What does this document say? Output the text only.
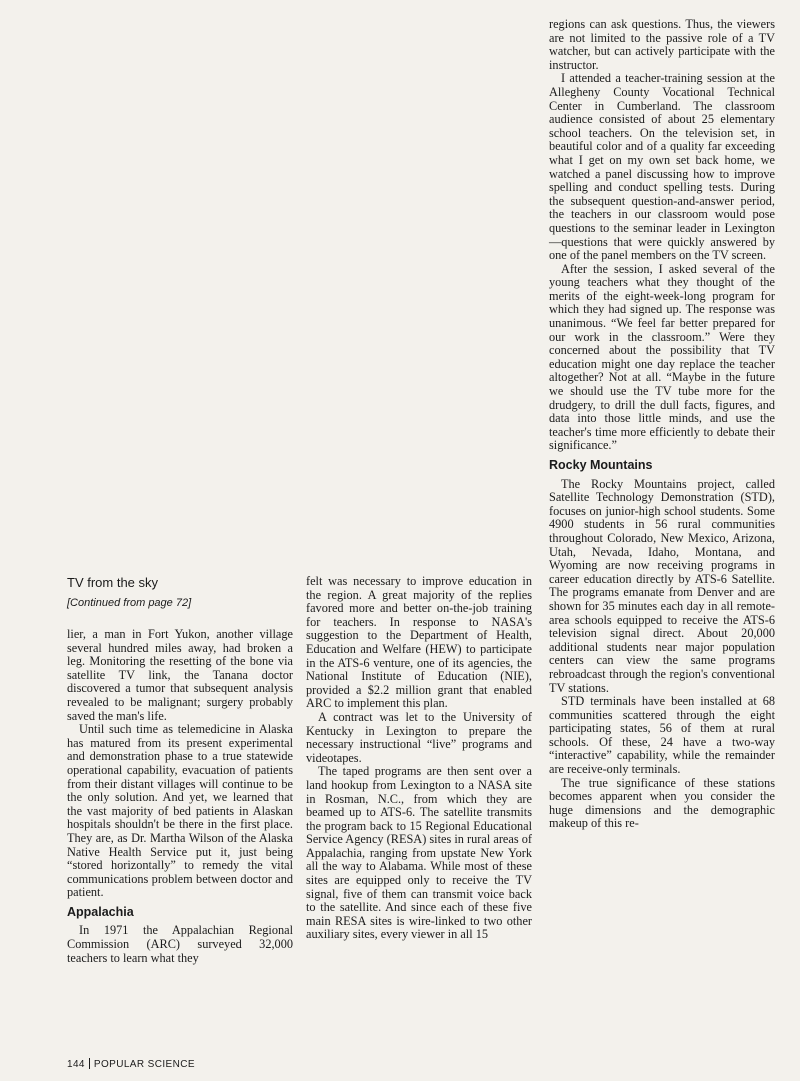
TV from the sky
[Continued from page 72]

lier, a man in Fort Yukon, another village several hundred miles away, had broken a leg. Monitoring the resetting of the bone via satellite TV link, the Tanana doctor discovered a tumor that subsequent analysis revealed to be malignant; surgery probably saved the man's life.

Until such time as telemedicine in Alaska has matured from its present experimental and demonstration phase to a true statewide operational capability, evacuation of patients from their distant villages will continue to be the only solution. And yet, we learned that the vast majority of bed patients in Alaskan hospitals shouldn't be there in the first place. They are, as Dr. Martha Wilson of the Alaska Native Health Service put it, just being “stored horizontally” to remedy the vital communications problem between doctor and patient.

Appalachia

In 1971 the Appalachian Regional Commission (ARC) surveyed 32,000 teachers to learn what they

felt was necessary to improve education in the region. A great majority of the replies favored more and better on-the-job training for teachers. In response to NASA's suggestion to the Department of Health, Education and Welfare (HEW) to participate in the ATS-6 venture, one of its agencies, the National Institute of Education (NIE), provided a $2.2 million grant that enabled ARC to implement this plan.

A contract was let to the University of Kentucky in Lexington to prepare the necessary instructional “live” programs and videotapes.

The taped programs are then sent over a land hookup from Lexington to a NASA site in Rosman, N.C., from which they are beamed up to ATS-6. The satellite transmits the program back to 15 Regional Educational Service Agency (RESA) sites in rural areas of Appalachia, ranging from upstate New York all the way to Alabama. While most of these sites are equipped only to receive the TV signal, five of them can transmit voice back to the satellite. And since each of these five main RESA sites is wire-linked to two other auxiliary sites, every viewer in all 15

regions can ask questions. Thus, the viewers are not limited to the passive role of a TV watcher, but can actively participate with the instructor.

I attended a teacher-training session at the Allegheny County Vocational Technical Center in Cumberland. The classroom audience consisted of about 25 elementary school teachers. On the television set, in beautiful color and of a quality far exceeding what I get on my own set back home, we watched a panel discussing how to improve spelling and conduct spelling tests. During the subsequent question-and-answer period, the teachers in our classroom would pose questions to the seminar leader in Lexington —questions that were quickly answered by one of the panel members on the TV screen.

After the session, I asked several of the young teachers what they thought of the merits of the eight-week-long program for which they had signed up. The response was unanimous. “We feel far better prepared for our work in the classroom.” Were they concerned about the possibility that TV education might one day replace the teacher altogether? Not at all. “Maybe in the future we should use the TV tube more for the drudgery, to drill the dull facts, figures, and data into those little minds, and use the teacher's time more efficiently to debate their significance.”

Rocky Mountains

The Rocky Mountains project, called Satellite Technology Demonstration (STD), focuses on junior-high school students. Some 4900 students in 56 rural communities throughout Colorado, New Mexico, Arizona, Utah, Nevada, Idaho, Montana, and Wyoming are now receiving programs in career education directly by ATS-6 Satellite. The programs emanate from Denver and are shown for 35 minutes each day in all remote-area schools equipped to receive the ATS-6 television signal direct. About 20,000 additional students near major population centers can view the same programs rebroadcast through the region's conventional TV stations.

STD terminals have been installed at 68 communities scattered through the eight participating states, 56 of them at rural schools. Of these, 24 have a two-way “interactive” capability, while the remainder are receive-only terminals.

The true significance of these stations becomes apparent when you consider the huge dimensions and the demographic makeup of this re-

144 POPULAR SCIENCE
